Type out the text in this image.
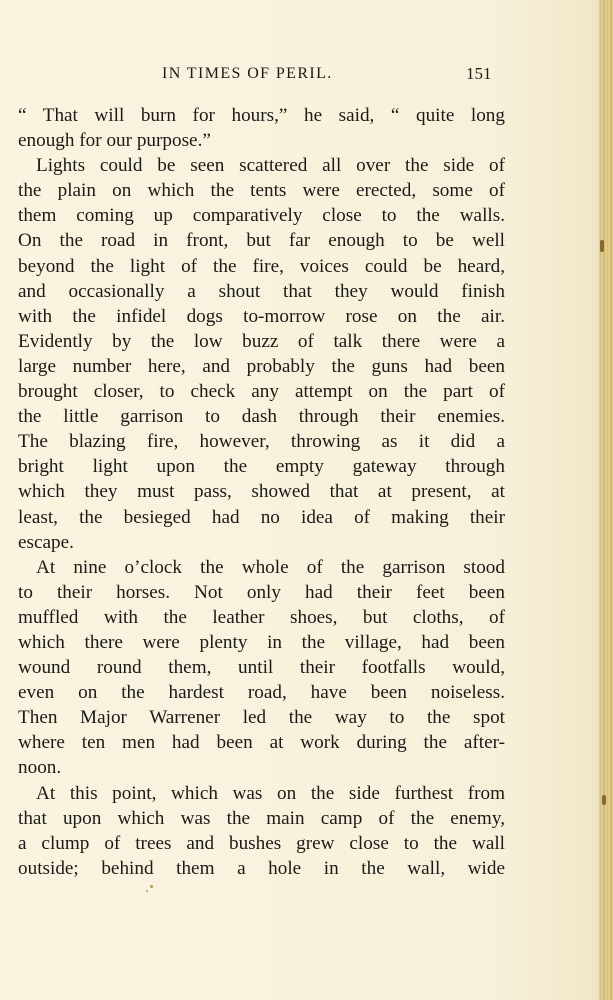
IN TIMES OF PERIL.	151
“ That will burn for hours,” he said, “ quite long
enough for our purpose.”
Lights could be seen scattered all over the side of
the plain on which the tents were erected, some of
them coming up comparatively close to the walls.
On the road in front, but far enough to be well
beyond the light of the fire, voices could be heard,
and occasionally a shout that they would finish
with the infidel dogs to-morrow rose on the air.
Evidently by the low buzz of talk there were a
large number here, and probably the guns had been
brought closer, to check any attempt on the part of
the little garrison to dash through their enemies.
The blazing fire, however, throwing as it did a
bright light upon the empty gateway through
which they must pass, showed that at present, at
least, the besieged had no idea of making their
escape.
At nine o’clock the whole of the garrison stood
to their horses. Not only had their feet been
muffled with the leather shoes, but cloths, of
which there were plenty in the village, had been
wound round them, until their footfalls would,
even on the hardest road, have been noiseless.
Then Major Warrener led the way to the spot
where ten men had been at work during the after-
noon.
At this point, which was on the side furthest from
that upon which was the main camp of the enemy,
a clump of trees and bushes grew close to the wall
outside; behind them a hole in the wall, wide
